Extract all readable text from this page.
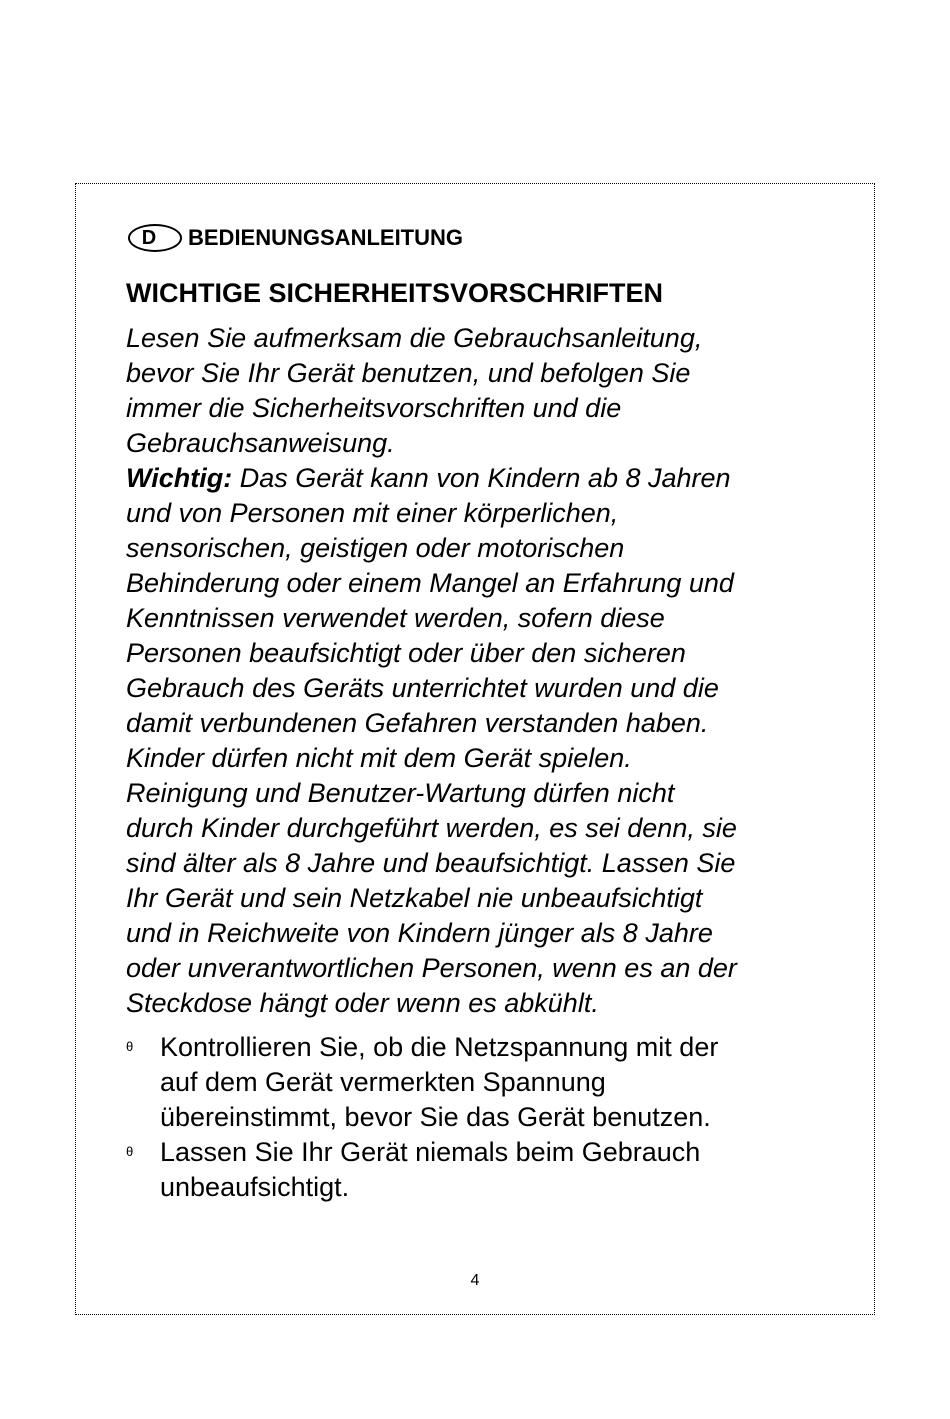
D	BEDIENUNGSANLEITUNG
WICHTIGE SICHERHEITSVORSCHRIFTEN
Lesen Sie aufmerksam die Gebrauchsanleitung,
bevor Sie Ihr Gerät benutzen, und befolgen Sie
immer die Sicherheitsvorschriften und die
Gebrauchsanweisung.
Wichtig: Das Gerät kann von Kindern ab 8 Jahren
und von Personen mit einer körperlichen,
sensorischen, geistigen oder motorischen
Behinderung oder einem Mangel an Erfahrung und
Kenntnissen verwendet werden, sofern diese
Personen beaufsichtigt oder über den sicheren
Gebrauch des Geräts unterrichtet wurden und die
damit verbundenen Gefahren verstanden haben.
Kinder dürfen nicht mit dem Gerät spielen.
Reinigung und Benutzer-Wartung dürfen nicht
durch Kinder durchgeführt werden, es sei denn, sie
sind älter als 8 Jahre und beaufsichtigt. Lassen Sie
Ihr Gerät und sein Netzkabel nie unbeaufsichtigt
und in Reichweite von Kindern jünger als 8 Jahre
oder unverantwortlichen Personen, wenn es an der
Steckdose hängt oder wenn es abkühlt.
θ Kontrollieren Sie, ob die Netzspannung mit der
auf dem Gerät vermerkten Spannung
übereinstimmt, bevor Sie das Gerät benutzen.
θ Lassen Sie Ihr Gerät niemals beim Gebrauch
unbeaufsichtigt.
4
